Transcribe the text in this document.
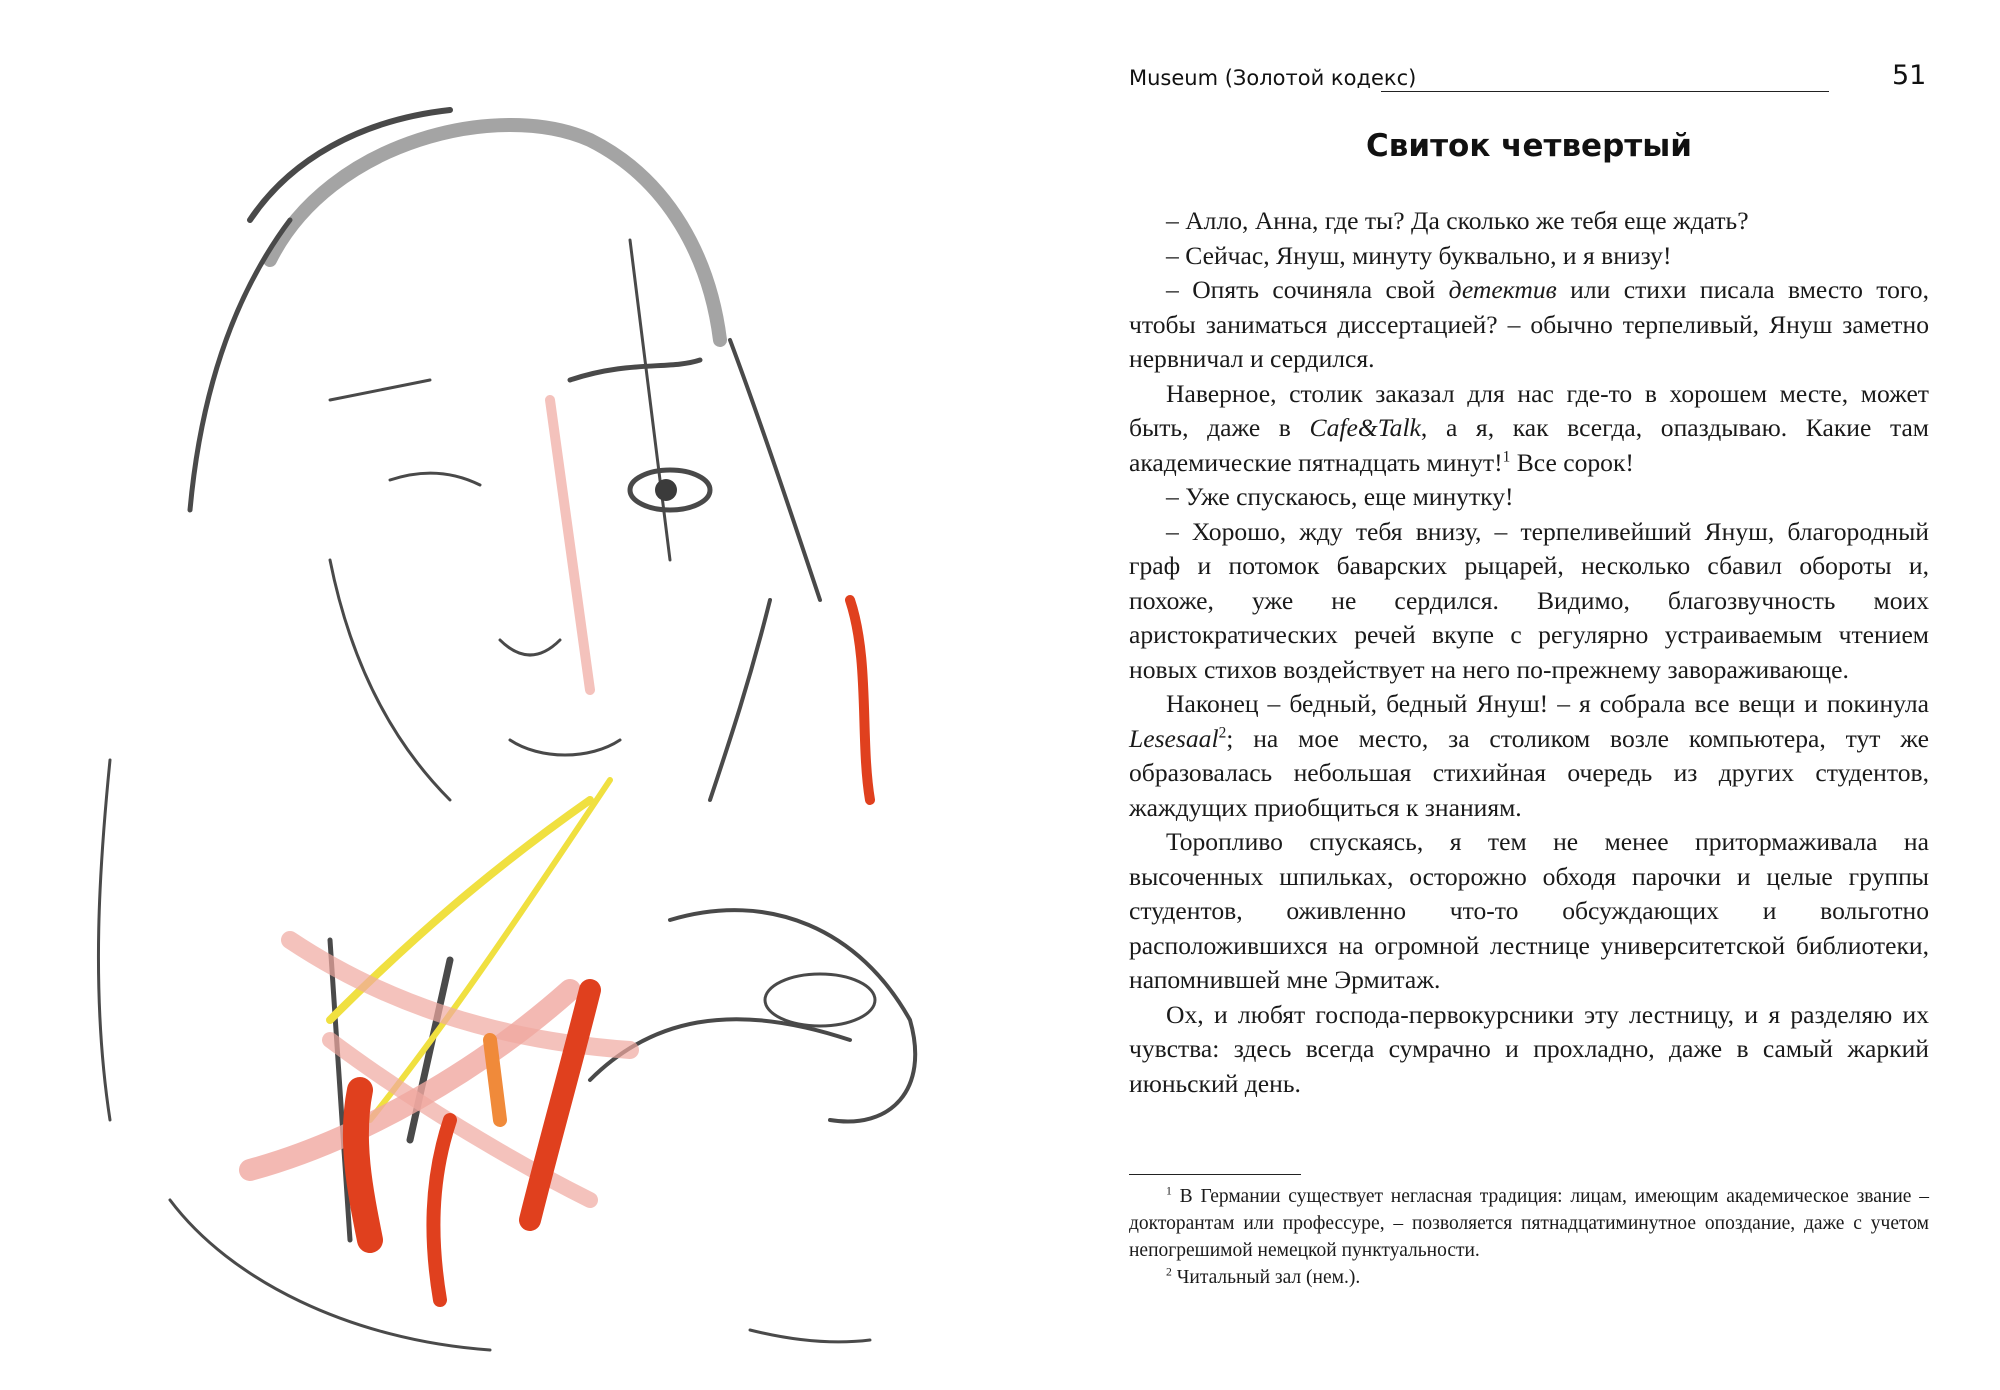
Museum (Золотой кодекс)	51
Свиток четвертый

– Алло, Анна, где ты? Да сколько же тебя еще ждать?

– Сейчас, Януш, минуту буквально, и я внизу!

– Опять сочиняла свой детектив или стихи писала вместо того, чтобы заниматься диссертацией? – обычно терпеливый, Януш заметно нервничал и сердился.

Наверное, столик заказал для нас где-то в хорошем месте, может быть, даже в Cafe&Talk, а я, как всегда, опаздываю. Какие там академические пятнадцать минут!$^1$ Все сорок!

– Уже спускаюсь, еще минутку!

– Хорошо, жду тебя внизу, – терпеливейший Януш, благородный граф и потомок баварских рыцарей, несколько сбавил обороты и, похоже, уже не сердился. Видимо, благозвучность моих аристократических речей вкупе с регулярно устраиваемым чтением новых стихов воздействует на него по-прежнему завораживающе.

Наконец – бедный, бедный Януш! – я собрала все вещи и покинула Lesesaal$^2$; на мое место, за столиком возле компьютера, тут же образовалась небольшая стихийная очередь из других студентов, жаждущих приобщиться к знаниям.

Торопливо спускаясь, я тем не менее притормаживала на высоченных шпильках, осторожно обходя парочки и целые группы студентов, оживленно что-то обсуждающих и вольготно расположившихся на огромной лестнице университетской библиотеки, напомнившей мне Эрмитаж.

Ох, и любят господа-первокурсники эту лестницу, и я разделяю их чувства: здесь всегда сумрачно и прохладно, даже в самый жаркий июньский день.

$^1$ В Германии существует негласная традиция: лицам, имеющим академическое звание – докторантам или профессуре, – позволяется пятнадцатиминутное опоздание, даже с учетом непогрешимой немецкой пунктуальности.

$^2$ Читальный зал (нем.).
